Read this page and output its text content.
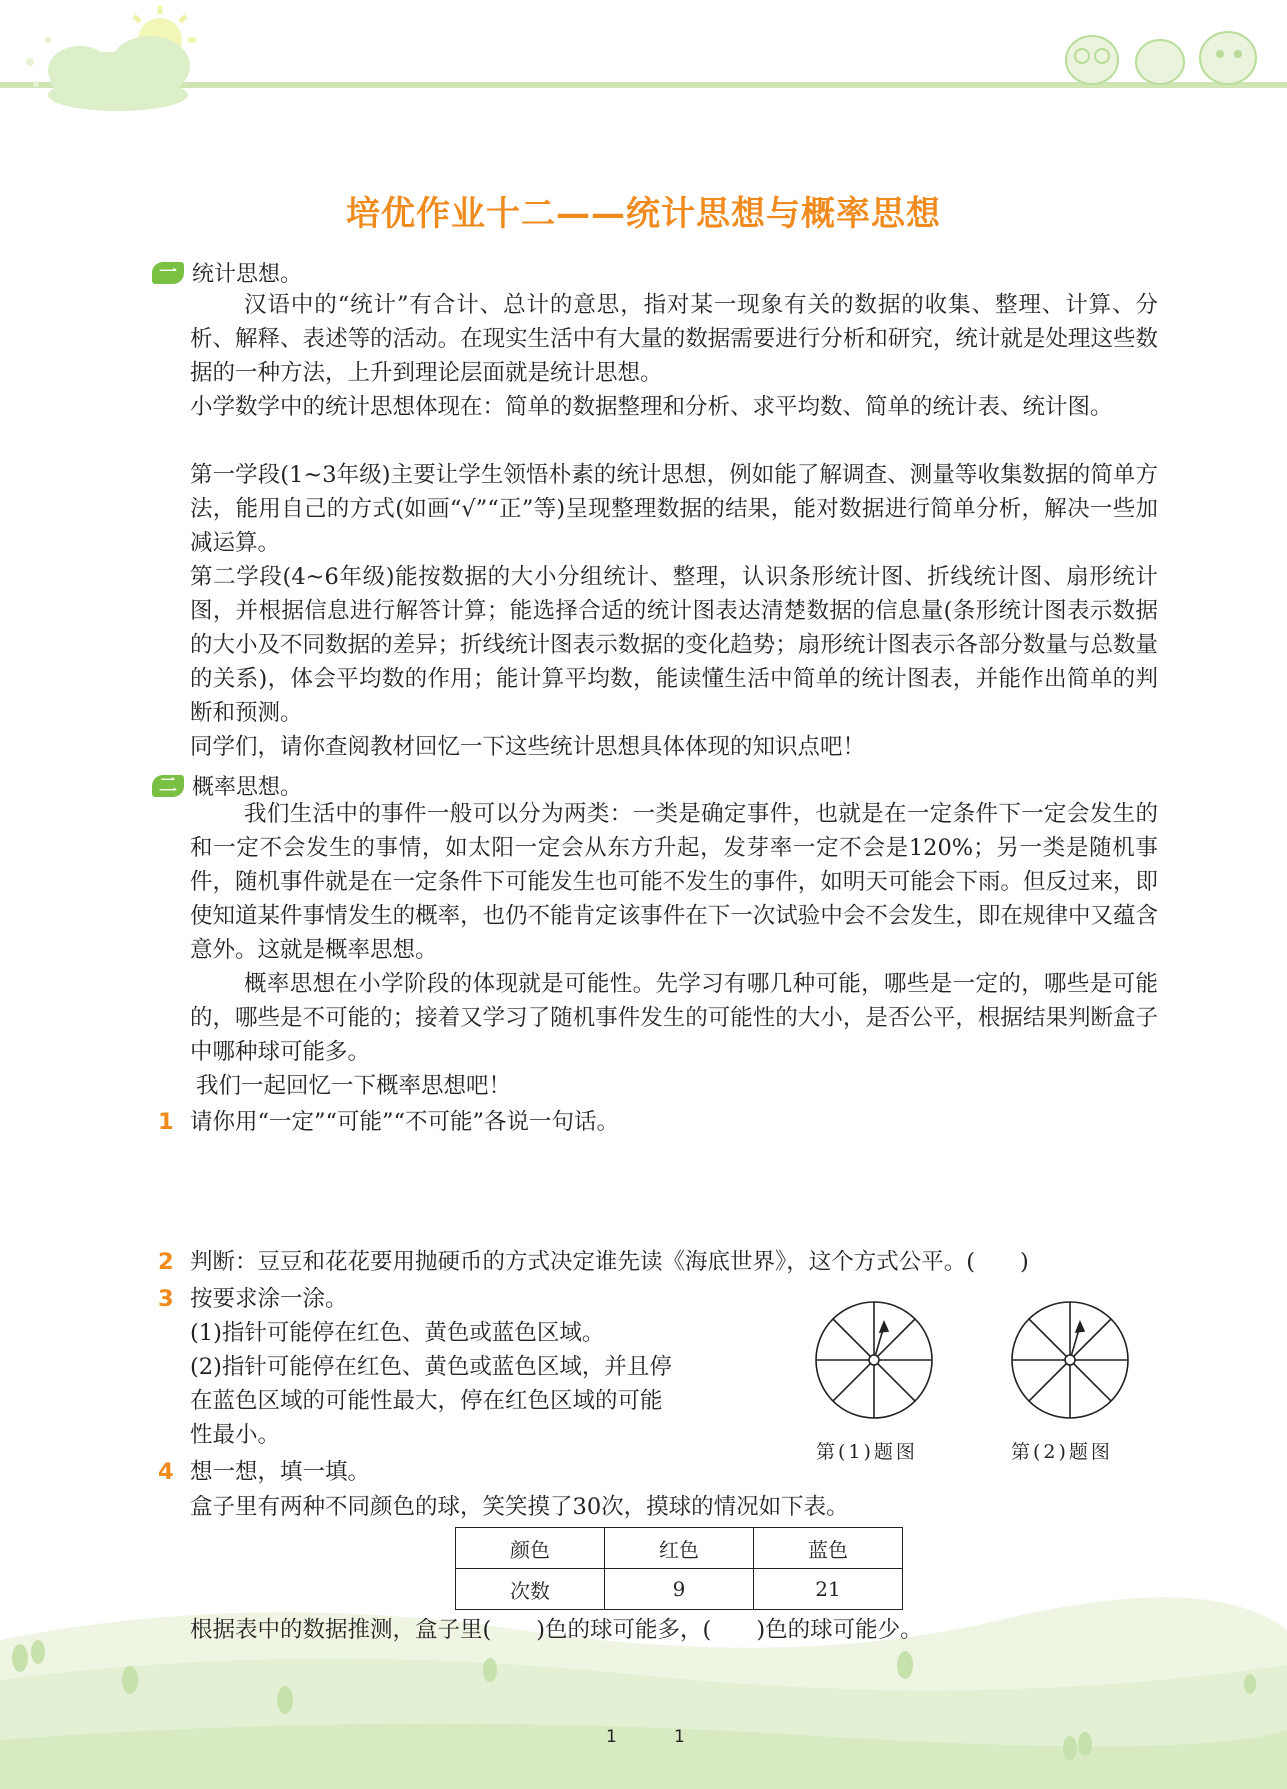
培优作业十二——统计思想与概率思想
一 统计思想。

汉语中的“统计”有合计、总计的意思，指对某一现象有关的数据的收集、整理、计算、分析、解释、表述等的活动。在现实生活中有大量的数据需要进行分析和研究，统计就是处理这些数据的一种方法，上升到理论层面就是统计思想。

小学数学中的统计思想体现在：简单的数据整理和分析、求平均数、简单的统计表、统计图。

第一学段(1~3年级)主要让学生领悟朴素的统计思想，例如能了解调查、测量等收集数据的简单方法，能用自己的方式(如画“√”“正”等)呈现整理数据的结果，能对数据进行简单分析，解决一些加减运算。

第二学段(4~6年级)能按数据的大小分组统计、整理，认识条形统计图、折线统计图、扇形统计图，并根据信息进行解答计算；能选择合适的统计图表达清楚数据的信息量(条形统计图表示数据的大小及不同数据的差异；折线统计图表示数据的变化趋势；扇形统计图表示各部分数量与总数量的关系)，体会平均数的作用；能计算平均数，能读懂生活中简单的统计图表，并能作出简单的判断和预测。

同学们，请你查阅教材回忆一下这些统计思想具体体现的知识点吧！

二 概率思想。

我们生活中的事件一般可以分为两类：一类是确定事件，也就是在一定条件下一定会发生的和一定不会发生的事情，如太阳一定会从东方升起，发芽率一定不会是120%；另一类是随机事件，随机事件就是在一定条件下可能发生也可能不发生的事件，如明天可能会下雨。但反过来，即使知道某件事情发生的概率，也仍不能肯定该事件在下一次试验中会不会发生，即在规律中又蕴含意外。这就是概率思想。

概率思想在小学阶段的体现就是可能性。先学习有哪几种可能，哪些是一定的，哪些是可能的，哪些是不可能的；接着又学习了随机事件发生的可能性的大小，是否公平，根据结果判断盒子中哪种球可能多。

我们一起回忆一下概率思想吧！

1 请你用“一定”“可能”“不可能”各说一句话。
2 判断：豆豆和花花要用抛硬币的方式决定谁先读《海底世界》，这个方式公平。(　　)
3 按要求涂一涂。
(1)指针可能停在红色、黄色或蓝色区域。
(2)指针可能停在红色、黄色或蓝色区域，并且停
在蓝色区域的可能性最大，停在红色区域的可能
性最小。
第(1)题图	第(2)题图
4 想一想，填一填。
盒子里有两种不同颜色的球，笑笑摸了30次，摸球的情况如下表。
颜色	红色	蓝色
次数	9	21
根据表中的数据推测，盒子里(　　)色的球可能多，(　　)色的球可能少。
1	1
